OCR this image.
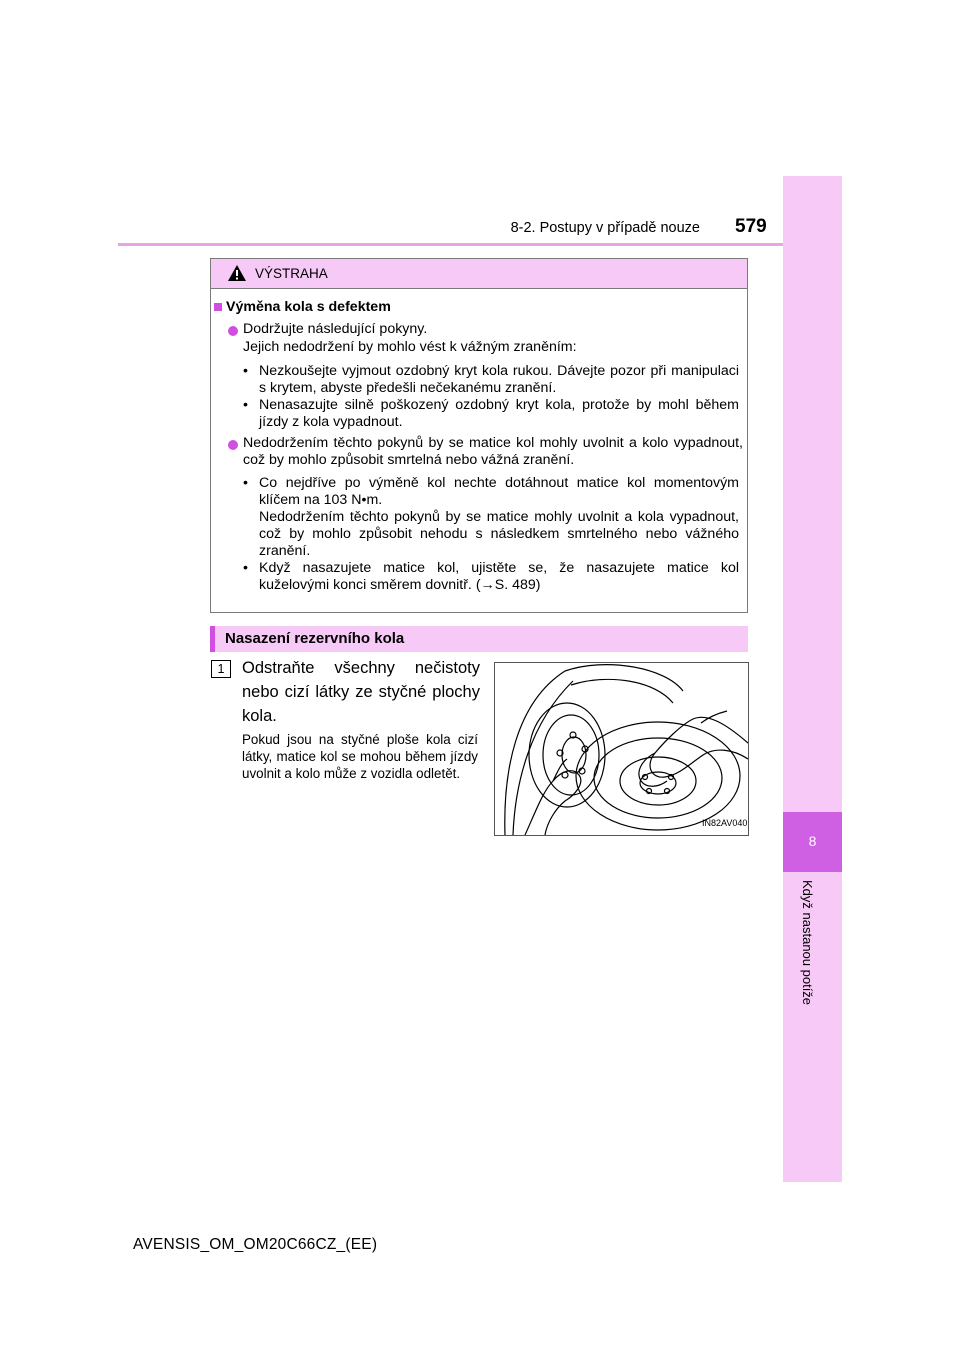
8-2. Postupy v případě nouze 579
8
Když nastanou potíže
VÝSTRAHA
Výměna kola s defektem
Dodržujte následující pokyny.
Jejich nedodržení by mohlo vést k vážným zraněním:
• Nezkoušejte vyjmout ozdobný kryt kola rukou. Dávejte pozor při manipulaci s krytem, abyste předešli nečekanému zranění.
• Nenasazujte silně poškozený ozdobný kryt kola, protože by mohl během jízdy z kola vypadnout.
Nedodržením těchto pokynů by se matice kol mohly uvolnit a kolo vypadnout, což by mohlo způsobit smrtelná nebo vážná zranění.
• Co nejdříve po výměně kol nechte dotáhnout matice kol momentovým klíčem na 103 N•m.
Nedodržením těchto pokynů by se matice mohly uvolnit a kola vypadnout, což by mohlo způsobit nehodu s následkem smrtelného nebo vážného zranění.
• Když nasazujete matice kol, ujistěte se, že nasazujete matice kol kuželovými konci směrem dovnitř. (→S. 489)
Nasazení rezervního kola
1	Odstraňte všechny nečistoty nebo cizí látky ze styčné plochy kola.
Pokud jsou na styčné ploše kola cizí látky, matice kol se mohou během jízdy uvolnit a kolo může z vozidla odletět.
IN82AV040
AVENSIS_OM_OM20C66CZ_(EE)
